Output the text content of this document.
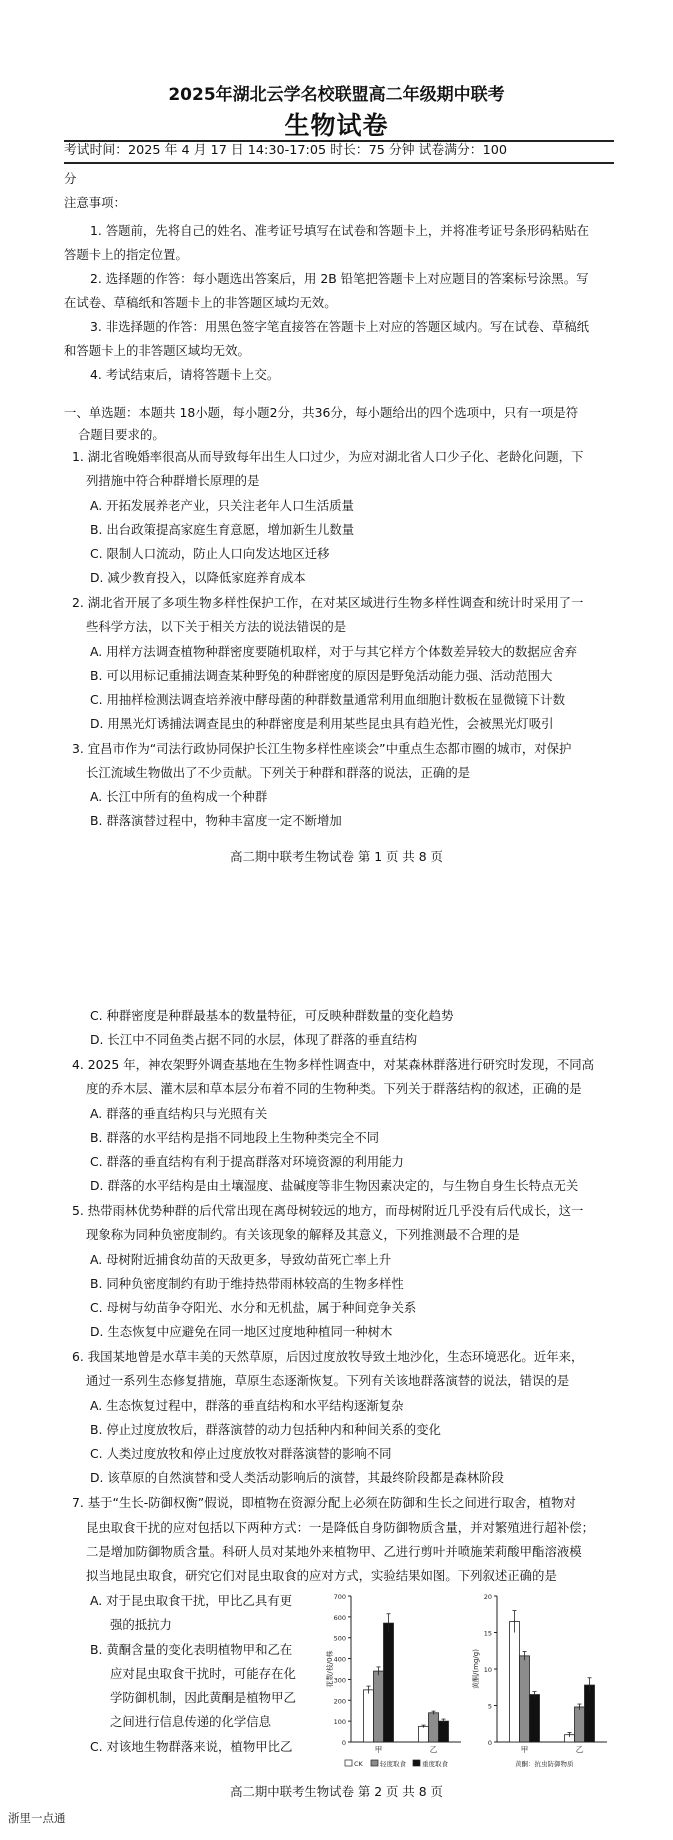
2025年湖北云学名校联盟高二年级期中联考
生物试卷
考试时间：2025 年 4 月 17 日 14:30-17:05 时长：75 分钟 试卷满分：100
分
注意事项：
1. 答题前，先将自己的姓名、准考证号填写在试卷和答题卡上，并将准考证号条形码粘贴在
答题卡上的指定位置。
2. 选择题的作答：每小题选出答案后，用 2B 铅笔把答题卡上对应题目的答案标号涂黑。写
在试卷、草稿纸和答题卡上的非答题区域均无效。
3. 非选择题的作答：用黑色签字笔直接答在答题卡上对应的答题区域内。写在试卷、草稿纸
和答题卡上的非答题区域均无效。
4. 考试结束后，请将答题卡上交。
一、单选题：本题共 18小题，每小题2分，共36分，每小题给出的四个选项中，只有一项是符
合题目要求的。
1. 湖北省晚婚率很高从而导致每年出生人口过少，为应对湖北省人口少子化、老龄化问题，下
列措施中符合种群增长原理的是
A. 开拓发展养老产业，只关注老年人口生活质量
B. 出台政策提高家庭生育意愿，增加新生儿数量
C. 限制人口流动，防止人口向发达地区迁移
D. 减少教育投入，以降低家庭养育成本
2. 湖北省开展了多项生物多样性保护工作，在对某区域进行生物多样性调查和统计时采用了一
些科学方法，以下关于相关方法的说法错误的是
A. 用样方法调查植物种群密度要随机取样，对于与其它样方个体数差异较大的数据应舍弃
B. 可以用标记重捕法调查某种野兔的种群密度的原因是野兔活动能力强、活动范围大
C. 用抽样检测法调查培养液中酵母菌的种群数量通常利用血细胞计数板在显微镜下计数
D. 用黑光灯诱捕法调查昆虫的种群密度是利用某些昆虫具有趋光性，会被黑光灯吸引
3. 宜昌市作为“司法行政协同保护长江生物多样性座谈会”中重点生态都市圈的城市，对保护
长江流域生物做出了不少贡献。下列关于种群和群落的说法，正确的是
A. 长江中所有的鱼构成一个种群
B. 群落演替过程中，物种丰富度一定不断增加
高二期中联考生物试卷 第 1 页 共 8 页
C. 种群密度是种群最基本的数量特征，可反映种群数量的变化趋势
D. 长江中不同鱼类占据不同的水层，体现了群落的垂直结构
4. 2025 年，神农架野外调查基地在生物多样性调查中，对某森林群落进行研究时发现，不同高
度的乔木层、灌木层和草本层分布着不同的生物种类。下列关于群落结构的叙述，正确的是
A. 群落的垂直结构只与光照有关
B. 群落的水平结构是指不同地段上生物种类完全不同
C. 群落的垂直结构有利于提高群落对环境资源的利用能力
D. 群落的水平结构是由土壤湿度、盐碱度等非生物因素决定的，与生物自身生长特点无关
5. 热带雨林优势种群的后代常出现在离母树较远的地方，而母树附近几乎没有后代成长，这一
现象称为同种负密度制约。有关该现象的解释及其意义，下列推测最不合理的是
A. 母树附近捕食幼苗的天敌更多，导致幼苗死亡率上升
B. 同种负密度制约有助于维持热带雨林较高的生物多样性
C. 母树与幼苗争夺阳光、水分和无机盐，属于种间竞争关系
D. 生态恢复中应避免在同一地区过度地种植同一种树木
6. 我国某地曾是水草丰美的天然草原，后因过度放牧导致土地沙化，生态环境恶化。近年来，
通过一系列生态修复措施，草原生态逐渐恢复。下列有关该地群落演替的说法，错误的是
A. 生态恢复过程中，群落的垂直结构和水平结构逐渐复杂
B. 停止过度放牧后，群落演替的动力包括种内和种间关系的变化
C. 人类过度放牧和停止过度放牧对群落演替的影响不同
D. 该草原的自然演替和受人类活动影响后的演替，其最终阶段都是森林阶段
7. 基于“生长-防御权衡”假说，即植物在资源分配上必须在防御和生长之间进行取舍，植物对
昆虫取食干扰的应对包括以下两种方式：一是降低自身防御物质含量，并对繁殖进行超补偿；
二是增加防御物质含量。科研人员对某地外来植物甲、乙进行剪叶并喷施茉莉酸甲酯溶液模
拟当地昆虫取食，研究它们对昆虫取食的应对方式，实验结果如图。下列叙述正确的是
A. 对于昆虫取食干扰，甲比乙具有更
强的抵抗力
B. 黄酮含量的变化表明植物甲和乙在
应对昆虫取食干扰时，可能存在化
学防御机制，因此黄酮是植物甲乙
之间进行信息传递的化学信息
C. 对该地生物群落来说，植物甲比乙
700
600
500
400
300
200
100
0
花数/枝/0株
甲	乙
20
15
10
5
0
黄酮/(mg/g)
甲	乙
CK	轻度取食 重度取食	黄酮：抗虫防御物质
高二期中联考生物试卷 第 2 页 共 8 页
浙里一点通
